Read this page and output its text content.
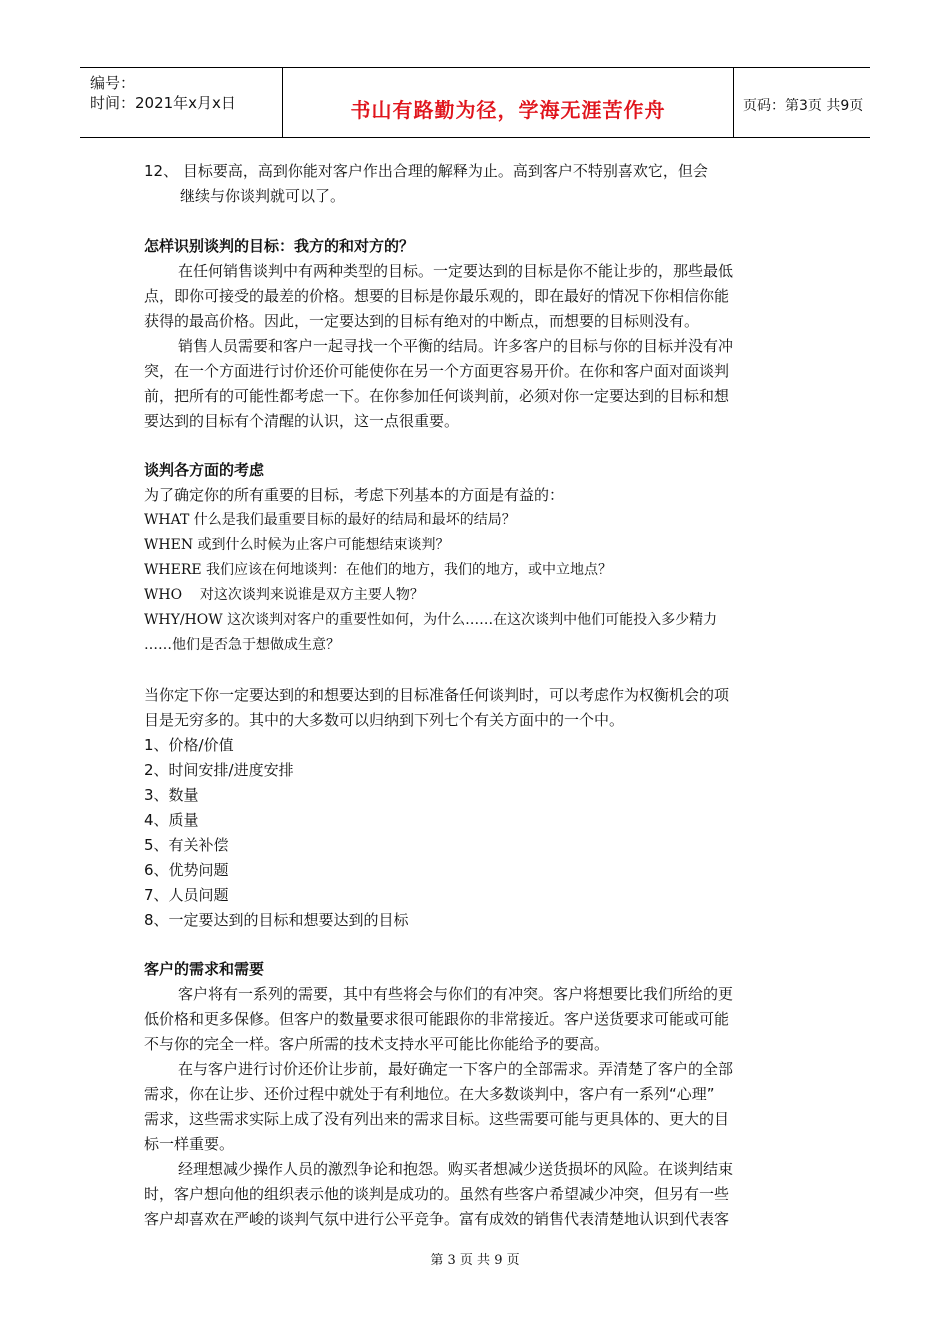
编号：
时间：2021年x月x日	书山有路勤为径，学海无涯苦作舟	页码：第3页 共9页
12、 目标要高，高到你能对客户作出合理的解释为止。高到客户不特别喜欢它，但会
继续与你谈判就可以了。
怎样识别谈判的目标：我方的和对方的？
在任何销售谈判中有两种类型的目标。一定要达到的目标是你不能让步的，那些最低
点，即你可接受的最差的价格。想要的目标是你最乐观的，即在最好的情况下你相信你能
获得的最高价格。因此，一定要达到的目标有绝对的中断点，而想要的目标则没有。
销售人员需要和客户一起寻找一个平衡的结局。许多客户的目标与你的目标并没有冲
突，在一个方面进行讨价还价可能使你在另一个方面更容易开价。在你和客户面对面谈判
前，把所有的可能性都考虑一下。在你参加任何谈判前，必须对你一定要达到的目标和想
要达到的目标有个清醒的认识，这一点很重要。
谈判各方面的考虑
为了确定你的所有重要的目标，考虑下列基本的方面是有益的：
WHAT 什么是我们最重要目标的最好的结局和最坏的结局？
WHEN 或到什么时候为止客户可能想结束谈判？
WHERE 我们应该在何地谈判：在他们的地方，我们的地方，或中立地点？
WHO    对这次谈判来说谁是双方主要人物？
WHY/HOW 这次谈判对客户的重要性如何，为什么……在这次谈判中他们可能投入多少精力
……他们是否急于想做成生意？
当你定下你一定要达到的和想要达到的目标准备任何谈判时，可以考虑作为权衡机会的项
目是无穷多的。其中的大多数可以归纳到下列七个有关方面中的一个中。
1、价格/价值
2、时间安排/进度安排
3、数量
4、质量
5、有关补偿
6、优势问题
7、人员问题
8、一定要达到的目标和想要达到的目标
客户的需求和需要
客户将有一系列的需要，其中有些将会与你们的有冲突。客户将想要比我们所给的更
低价格和更多保修。但客户的数量要求很可能跟你的非常接近。客户送货要求可能或可能
不与你的完全一样。客户所需的技术支持水平可能比你能给予的要高。
在与客户进行讨价还价让步前，最好确定一下客户的全部需求。弄清楚了客户的全部
需求，你在让步、还价过程中就处于有利地位。在大多数谈判中，客户有一系列“心理”
需求，这些需求实际上成了没有列出来的需求目标。这些需要可能与更具体的、更大的目
标一样重要。
经理想减少操作人员的激烈争论和抱怨。购买者想减少送货损坏的风险。在谈判结束
时，客户想向他的组织表示他的谈判是成功的。虽然有些客户希望减少冲突，但另有一些
客户却喜欢在严峻的谈判气氛中进行公平竞争。富有成效的销售代表清楚地认识到代表客
第 3 页 共 9 页
